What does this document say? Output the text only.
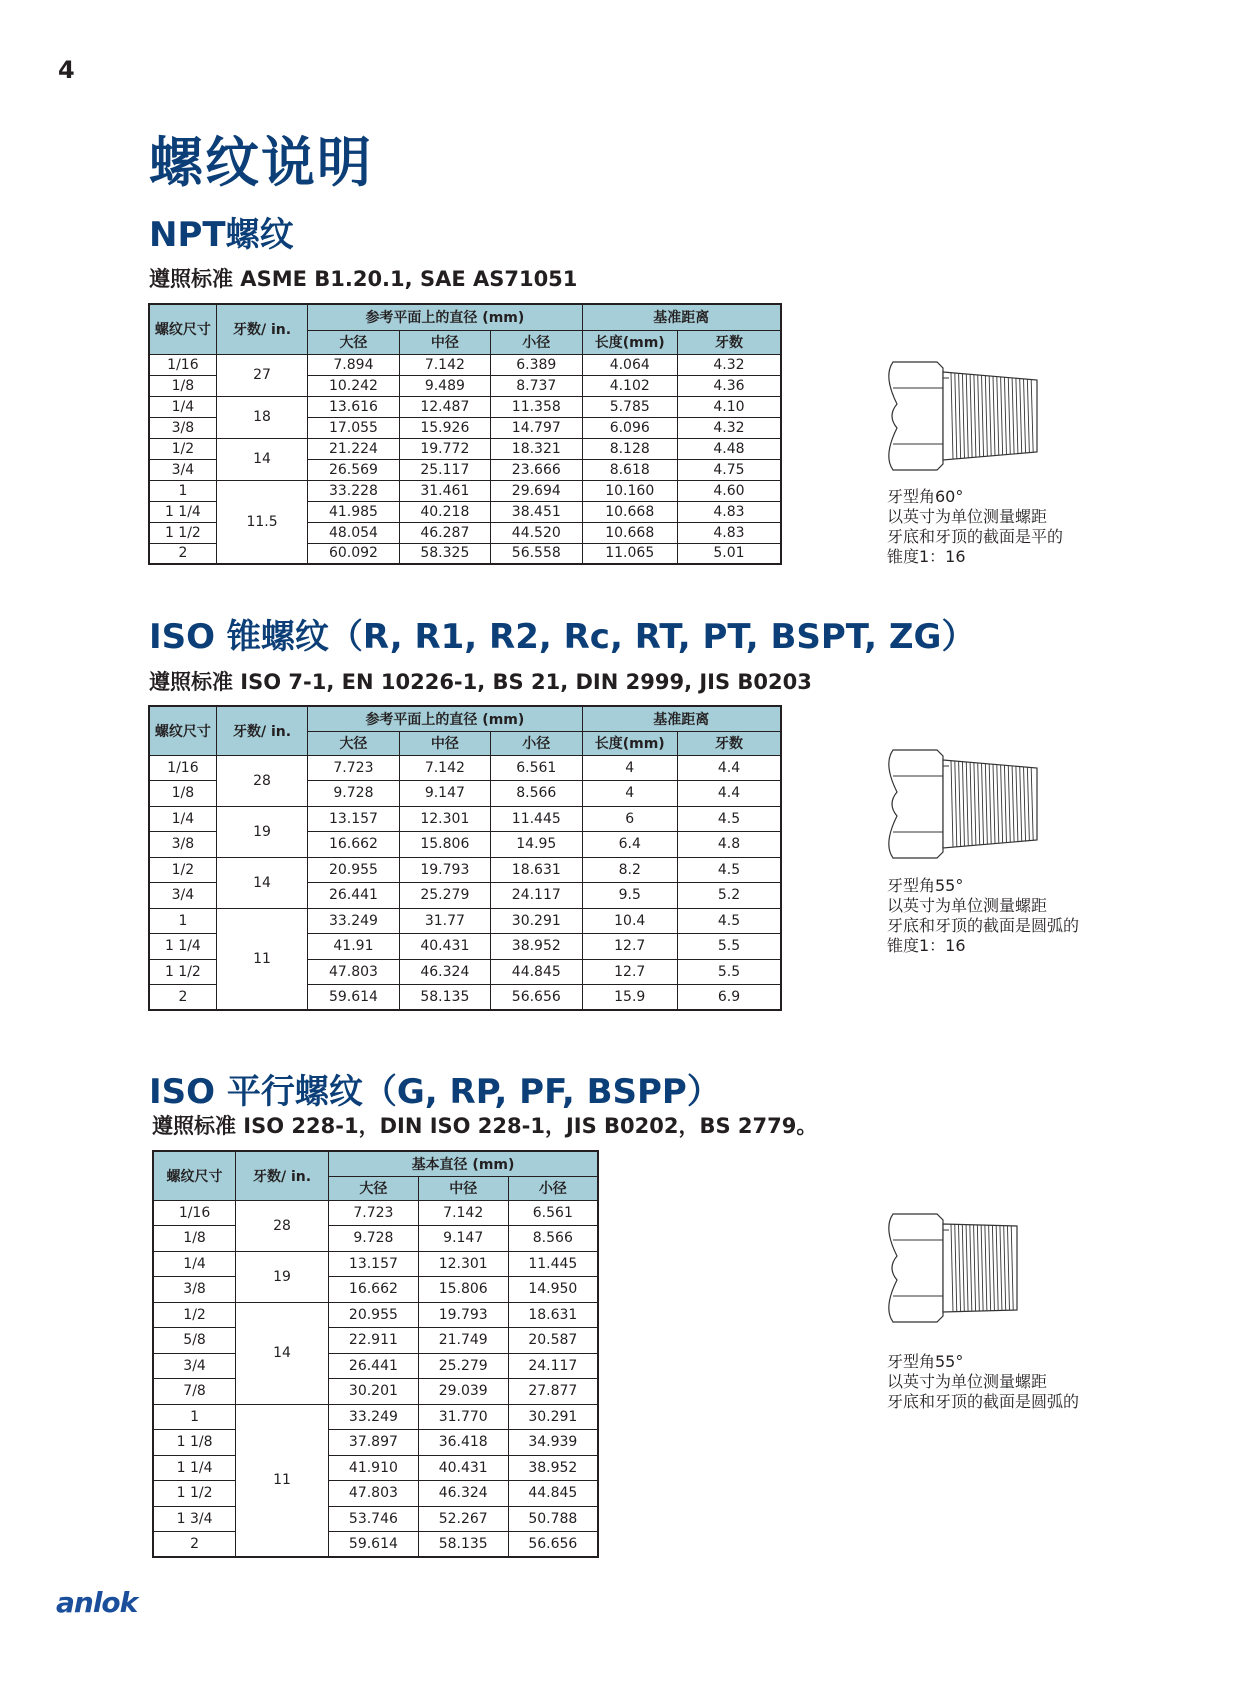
4
螺纹说明
NPT螺纹
遵照标准 ASME B1.20.1, SAE AS71051
螺纹尺寸	牙数/ in.	参考平面上的直径 (mm)			基准距离	
		大径	中径	小径	长度(mm)	牙数
1/16	27	7.894	7.142	6.389	4.064	4.32
1/8		10.242	9.489	8.737	4.102	4.36
1/4	18	13.616	12.487	11.358	5.785	4.10
3/8		17.055	15.926	14.797	6.096	4.32
1/2	14	21.224	19.772	18.321	8.128	4.48
3/4		26.569	25.117	23.666	8.618	4.75
1	11.5	33.228	31.461	29.694	10.160	4.60
1 1/4		41.985	40.218	38.451	10.668	4.83
1 1/2		48.054	46.287	44.520	10.668	4.83
2		60.092	58.325	56.558	11.065	5.01
牙型角60°
以英寸为单位测量螺距
牙底和牙顶的截面是平的
锥度1：16
ISO 锥螺纹（R, R1, R2, Rc, RT, PT, BSPT, ZG）
遵照标准 ISO 7-1, EN 10226-1, BS 21, DIN 2999, JIS B0203
螺纹尺寸	牙数/ in.	参考平面上的直径 (mm)			基准距离	
		大径	中径	小径	长度(mm)	牙数
1/16	28	7.723	7.142	6.561	4	4.4
1/8		9.728	9.147	8.566	4	4.4
1/4	19	13.157	12.301	11.445	6	4.5
3/8		16.662	15.806	14.95	6.4	4.8
1/2	14	20.955	19.793	18.631	8.2	4.5
3/4		26.441	25.279	24.117	9.5	5.2
1	11	33.249	31.77	30.291	10.4	4.5
1 1/4		41.91	40.431	38.952	12.7	5.5
1 1/2		47.803	46.324	44.845	12.7	5.5
2		59.614	58.135	56.656	15.9	6.9
牙型角55°
以英寸为单位测量螺距
牙底和牙顶的截面是圆弧的
锥度1：16
ISO 平行螺纹（G, RP, PF, BSPP）
遵照标准 ISO 228-1，DIN ISO 228-1，JIS B0202，BS 2779。
螺纹尺寸	牙数/ in.	基本直径 (mm)		
		大径	中径	小径
1/16	28	7.723	7.142	6.561
1/8		9.728	9.147	8.566
1/4	19	13.157	12.301	11.445
3/8		16.662	15.806	14.950
1/2	14	20.955	19.793	18.631
5/8		22.911	21.749	20.587
3/4		26.441	25.279	24.117
7/8		30.201	29.039	27.877
1	11	33.249	31.770	30.291
1 1/8		37.897	36.418	34.939
1 1/4		41.910	40.431	38.952
1 1/2		47.803	46.324	44.845
1 3/4		53.746	52.267	50.788
2		59.614	58.135	56.656
牙型角55°
以英寸为单位测量螺距
牙底和牙顶的截面是圆弧的
anlok
